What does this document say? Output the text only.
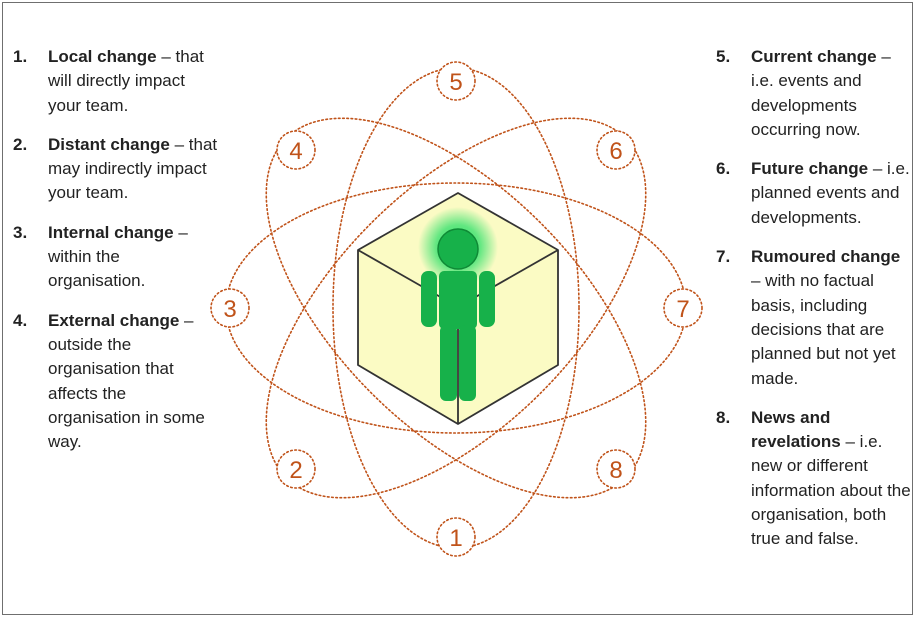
1. Local change – that will directly impact your team.
2. Distant change – that may indirectly impact your team.
3. Internal change – within the organisation.
4. External change – outside the organisation that affects the organisation in some way.
5. Current change – i.e. events and developments occurring now.
6. Future change – i.e. planned events and developments.
7. Rumoured change – with no factual basis, including decisions that are planned but not yet made.
8. News and revelations – i.e. new or different information about the organisation, both true and false.
1
2
3
4
5
6
7
8
